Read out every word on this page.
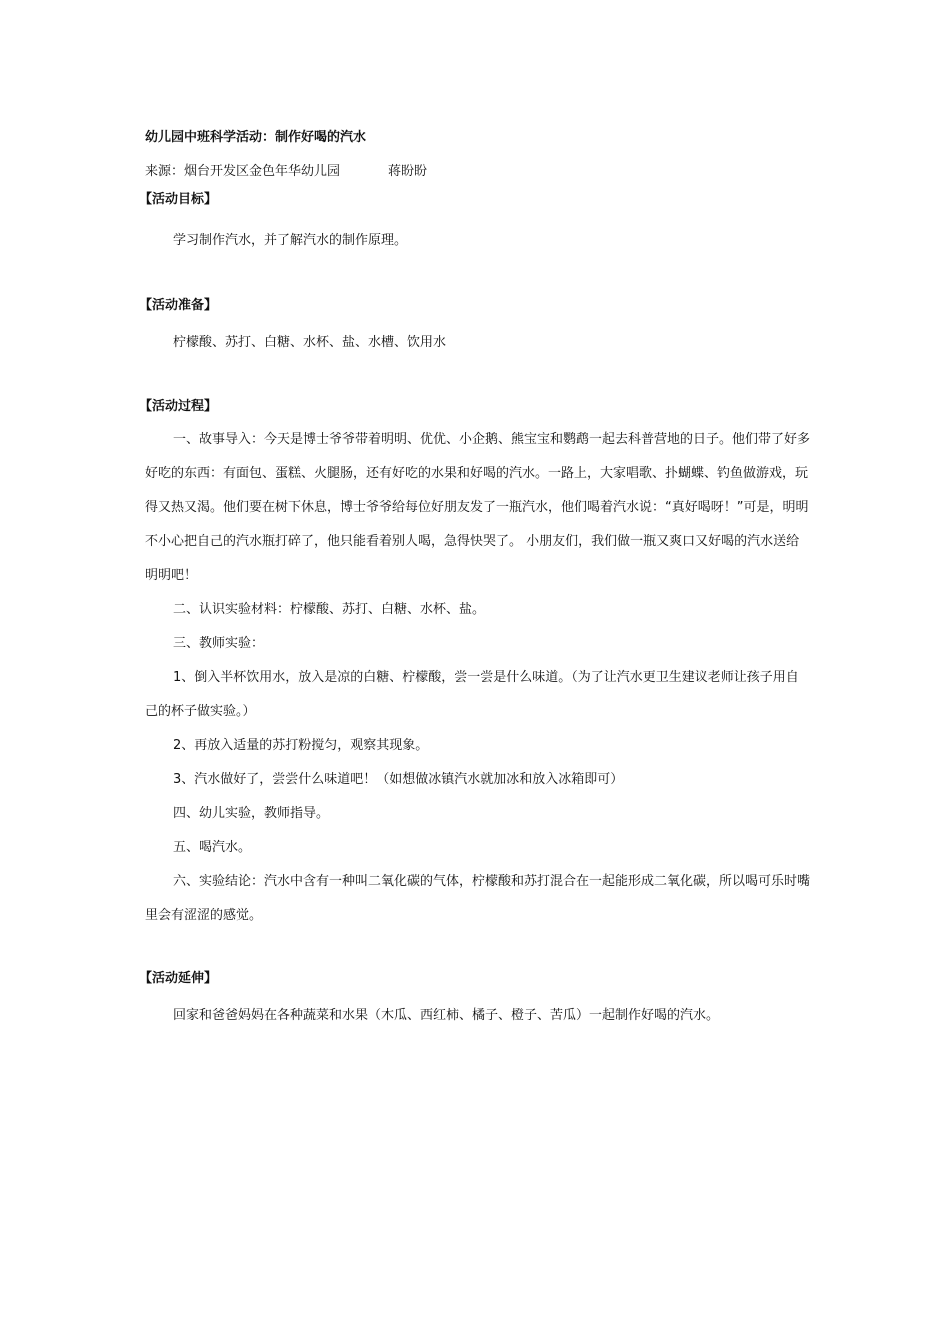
幼儿园中班科学活动：制作好喝的汽水
来源：烟台开发区金色年华幼儿园	蒋盼盼
【活动目标】

学习制作汽水，并了解汽水的制作原理。

【活动准备】

柠檬酸、苏打、白糖、水杯、盐、水槽、饮用水

【活动过程】

一、故事导入：今天是博士爷爷带着明明、优优、小企鹅、熊宝宝和鹦鹉一起去科普营地的日子。他们带了好多好吃的东西：有面包、蛋糕、火腿肠，还有好吃的水果和好喝的汽水。一路上，大家唱歌、扑蝴蝶、钓鱼做游戏，玩得又热又渴。他们要在树下休息，博士爷爷给每位好朋友发了一瓶汽水，他们喝着汽水说：“真好喝呀！”可是，明明不小心把自己的汽水瓶打碎了，他只能看着别人喝，急得快哭了。 小朋友们，我们做一瓶又爽口又好喝的汽水送给明明吧！

二、认识实验材料：柠檬酸、苏打、白糖、水杯、盐。

三、教师实验：

1、倒入半杯饮用水，放入是凉的白糖、柠檬酸，尝一尝是什么味道。（为了让汽水更卫生建议老师让孩子用自己的杯子做实验。）

2、再放入适量的苏打粉搅匀，观察其现象。

3、汽水做好了，尝尝什么味道吧！（如想做冰镇汽水就加冰和放入冰箱即可）

四、幼儿实验，教师指导。

五、喝汽水。

六、实验结论：汽水中含有一种叫二氧化碳的气体，柠檬酸和苏打混合在一起能形成二氧化碳，所以喝可乐时嘴里会有涩涩的感觉。

【活动延伸】

回家和爸爸妈妈在各种蔬菜和水果（木瓜、西红柿、橘子、橙子、苦瓜）一起制作好喝的汽水。
